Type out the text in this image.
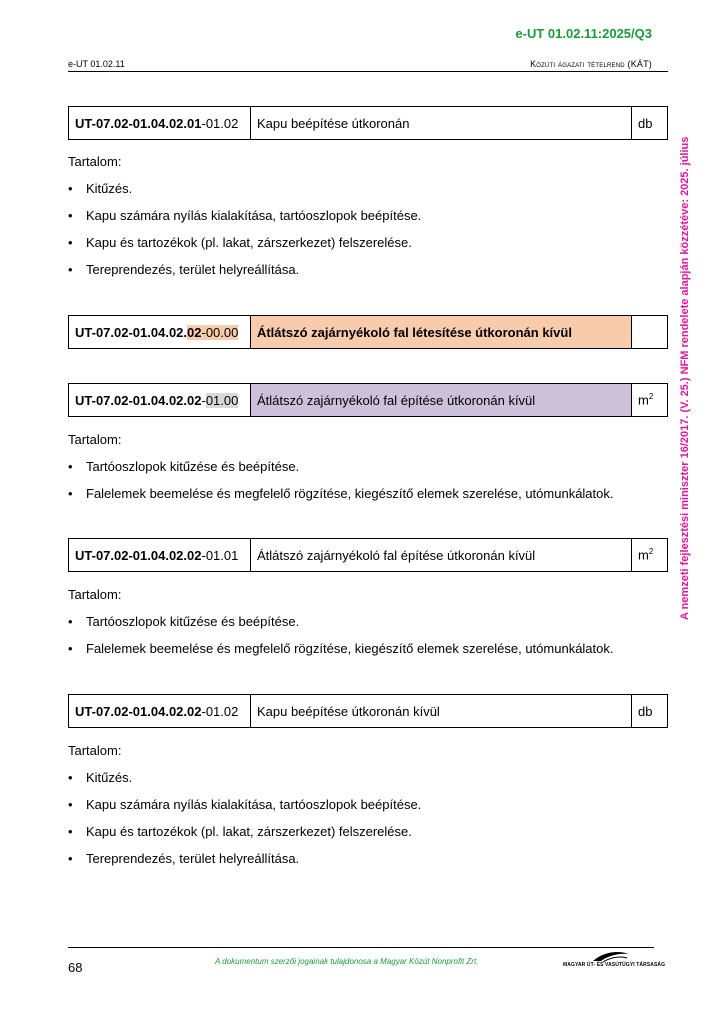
e-UT 01.02.11:2025/Q3
e-UT 01.02.11	Közúti ágazati tételrend (KÁT)
A nemzeti fejlesztési miniszter 16/2017. (V. 25.) NFM rendelete alapján közzétéve: 2025. július
UT-07.02-01.04.02.01-01.02	Kapu beépítése útkoronán	db
Tartalom:
• Kitűzés.
• Kapu számára nyílás kialakítása, tartóoszlopok beépítése.
• Kapu és tartozékok (pl. lakat, zárszerkezet) felszerelése.
• Tereprendezés, terület helyreállítása.
UT-07.02-01.04.02.02-00.00	Átlátszó zajárnyékoló fal létesítése útkoronán kívül	
UT-07.02-01.04.02.02-01.00	Átlátszó zajárnyékoló fal építése útkoronán kívül	$m^2$
Tartalom:
• Tartóoszlopok kitűzése és beépítése.
• Falelemek beemelése és megfelelő rögzítése, kiegészítő elemek szerelése, utómunkálatok.
UT-07.02-01.04.02.02-01.01	Átlátszó zajárnyékoló fal építése útkoronán kívül	$m^2$
Tartalom:
• Tartóoszlopok kitűzése és beépítése.
• Falelemek beemelése és megfelelő rögzítése, kiegészítő elemek szerelése, utómunkálatok.
UT-07.02-01.04.02.02-01.02	Kapu beépítése útkoronán kívül	db
Tartalom:
• Kitűzés.
• Kapu számára nyílás kialakítása, tartóoszlopok beépítése.
• Kapu és tartozékok (pl. lakat, zárszerkezet) felszerelése.
• Tereprendezés, terület helyreállítása.
68	A dokumentum szerzői jogainak tulajdonosa a Magyar Közút Nonprofit Zrt.	MAGYAR ÚT- ÉS VASÚTÜGYI TÁRSASÁG
